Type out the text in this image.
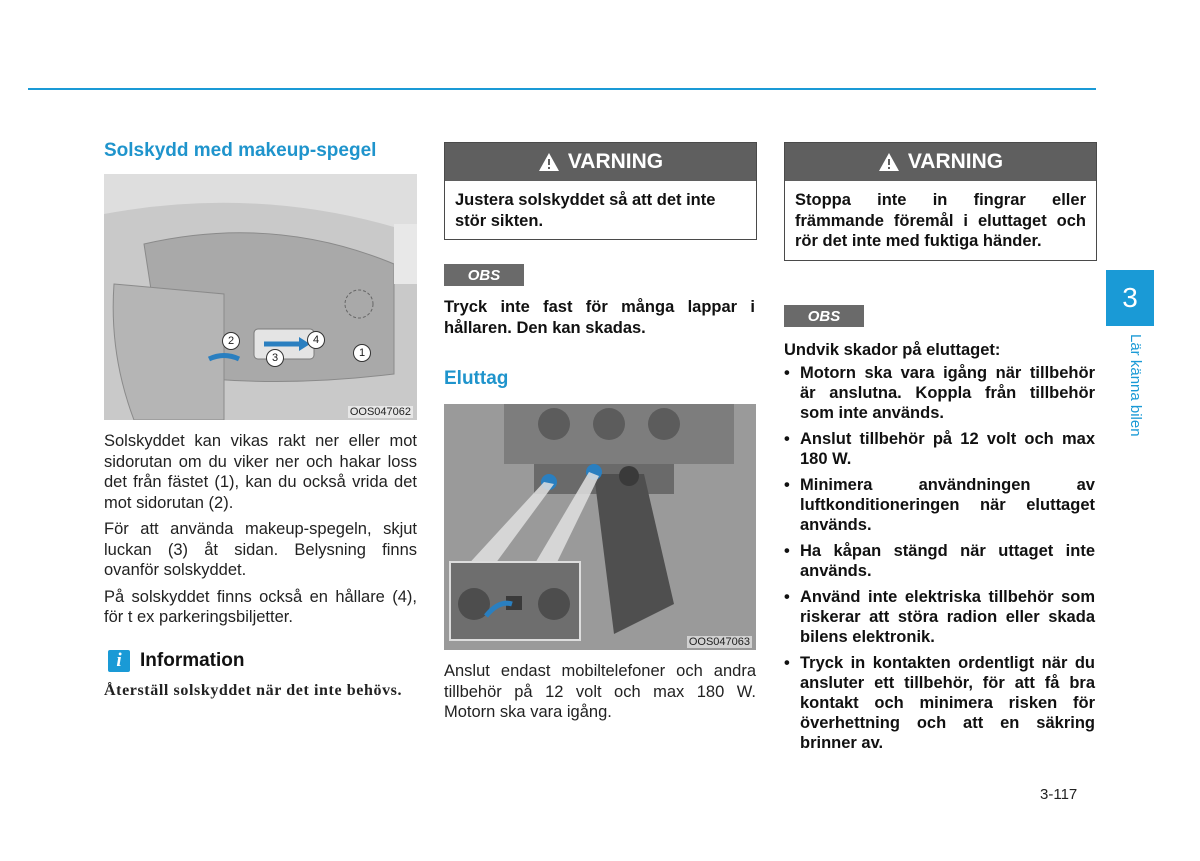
Solskydd med makeup-spegel
1
2
3
4
OOS047062

Solskyddet kan vikas rakt ner eller mot sidorutan om du viker ner och hakar loss det från fästet (1), kan du också vrida det mot sidorutan (2).

För att använda makeup-spegeln, skjut luckan (3) åt sidan. Belysning finns ovanför solskyddet.

På solskyddet finns också en hållare (4), för t ex parkeringsbiljetter.

i Information

Återställ solskyddet när det inte behövs.

VARNING
Justera solskyddet så att det inte stör sikten.
OBS

Tryck inte fast för många lappar i hållaren. Den kan skadas.

Eluttag
OOS047063

Anslut endast mobiltelefoner och andra tillbehör på 12 volt och max 180 W. Motorn ska vara igång.

VARNING
Stoppa inte in fingrar eller främmande föremål i eluttaget och rör det inte med fuktiga händer.
OBS

Undvik skador på eluttaget:

• Motorn ska vara igång när tillbehör är anslutna. Koppla från tillbehör som inte används.
• Anslut tillbehör på 12 volt och max 180 W.
• Minimera användningen av luftkonditioneringen när eluttaget används.
• Ha kåpan stängd när uttaget inte används.
• Använd inte elektriska tillbehör som riskerar att störa radion eller skada bilens elektronik.
• Tryck in kontakten ordentligt när du ansluter ett tillbehör, för att få bra kontakt och minimera risken för överhettning och att en säkring brinner av.
3
Lär känna bilen
3-117
